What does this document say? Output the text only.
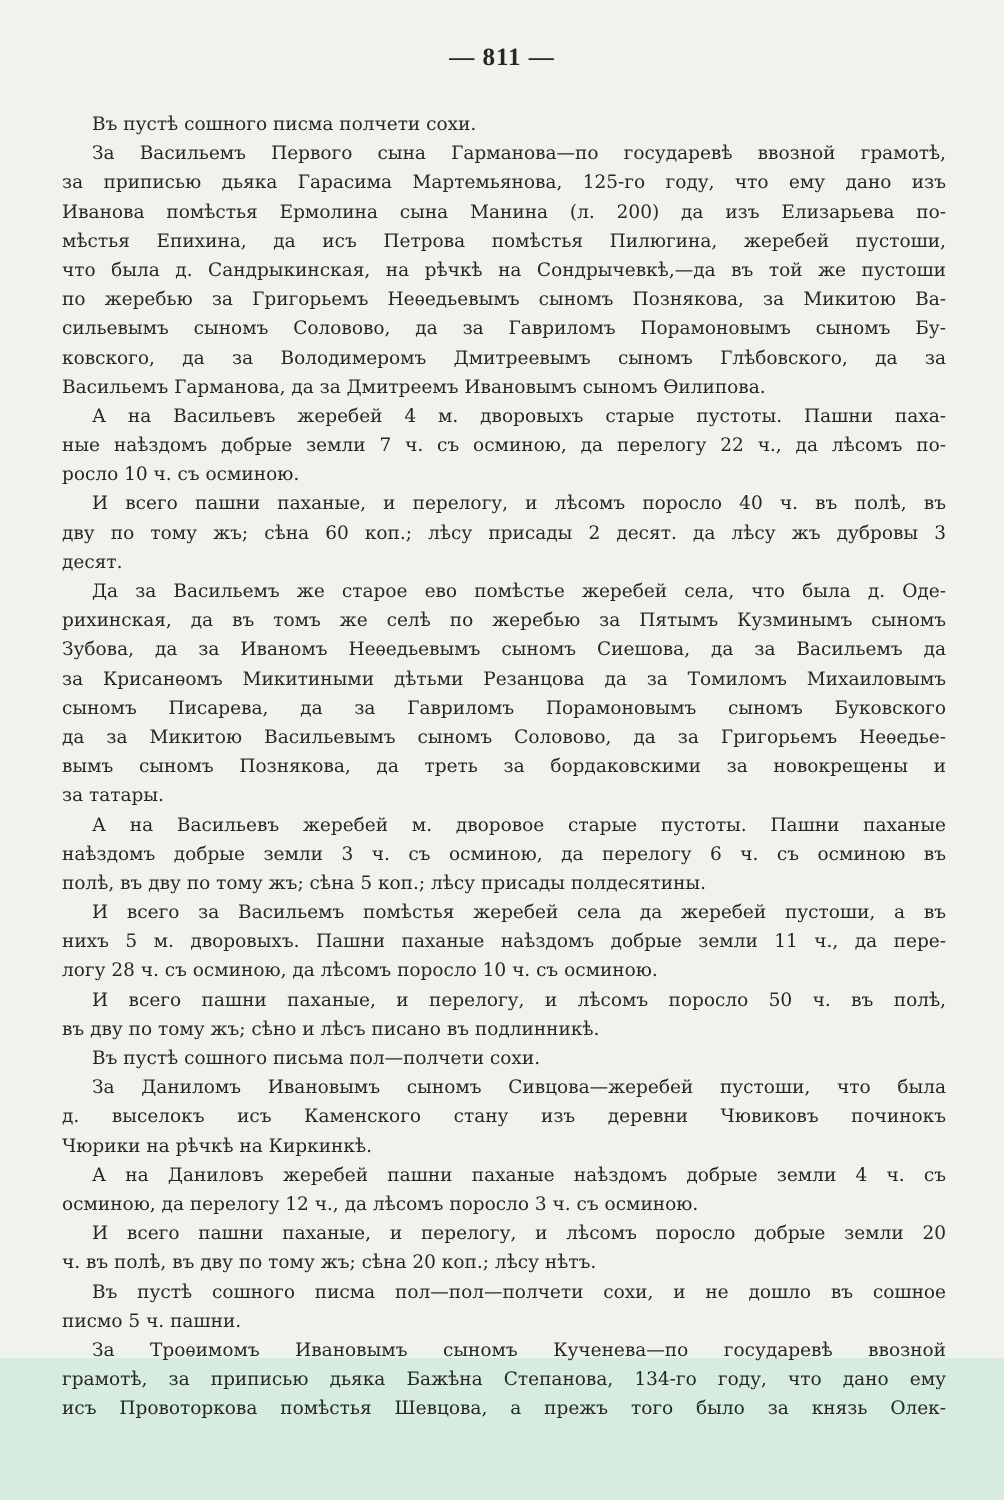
— 811 —
Въ пустѣ сошного писма полчети сохи.
За Васильемъ Первого сына Гарманова—по государевѣ ввозной грамотѣ,
за приписью дьяка Гарасима Мартемьянова, 125-го году, что ему дано изъ
Иванова помѣстья Ермолина сына Манина (л. 200) да изъ Елизарьева по-
мѣстья Епихина, да исъ Петрова помѣстья Пилюгина, жеребей пустоши,
что была д. Сандрыкинская, на рѣчкѣ на Сондрычевкѣ,—да въ той же пустоши
по жеребью за Григорьемъ Неѳедьевымъ сыномъ Познякова, за Микитою Ва-
сильевымъ сыномъ Соловово, да за Гавриломъ Порамоновымъ сыномъ Бу-
ковского, да за Володимеромъ Дмитреевымъ сыномъ Глѣбовского, да за
Васильемъ Гарманова, да за Дмитреемъ Ивановымъ сыномъ Ѳилипова.
А на Васильевъ жеребей 4 м. дворовыхъ старые пустоты. Пашни паха-
ные наѣздомъ добрые земли 7 ч. съ осминою, да перелогу 22 ч., да лѣсомъ по-
росло 10 ч. съ осминою.
И всего пашни паханые, и перелогу, и лѣсомъ поросло 40 ч. въ полѣ, въ
дву по тому жъ; сѣна 60 коп.; лѣсу присады 2 десят. да лѣсу жъ дубровы 3
десят.
Да за Васильемъ же старое ево помѣстье жеребей села, что была д. Оде-
рихинская, да въ томъ же селѣ по жеребью за Пятымъ Кузминымъ сыномъ
Зубова, да за Иваномъ Неѳедьевымъ сыномъ Сиешова, да за Васильемъ да
за Крисанѳомъ Микитиными дѣтьми Резанцова да за Томиломъ Михаиловымъ
сыномъ Писарева, да за Гавриломъ Порамоновымъ сыномъ Буковского
да за Микитою Васильевымъ сыномъ Соловово, да за Григорьемъ Неѳедье-
вымъ сыномъ Познякова, да треть за бордаковскими за новокрещены и
за татары.
А на Васильевъ жеребей м. дворовое старые пустоты. Пашни паханые
наѣздомъ добрые земли 3 ч. съ осминою, да перелогу 6 ч. съ осминою въ
полѣ, въ дву по тому жъ; сѣна 5 коп.; лѣсу присады полдесятины.
И всего за Васильемъ помѣстья жеребей села да жеребей пустоши, а въ
нихъ 5 м. дворовыхъ. Пашни паханые наѣздомъ добрые земли 11 ч., да пере-
логу 28 ч. съ осминою, да лѣсомъ поросло 10 ч. съ осминою.
И всего пашни паханые, и перелогу, и лѣсомъ поросло 50 ч. въ полѣ,
въ дву по тому жъ; сѣно и лѣсъ писано въ подлинникѣ.
Въ пустѣ сошного письма пол—полчети сохи.
За Даниломъ Ивановымъ сыномъ Сивцова—жеребей пустоши, что была
д. выселокъ исъ Каменского стану изъ деревни Чювиковъ починокъ
Чюрики на рѣчкѣ на Киркинкѣ.
А на Даниловъ жеребей пашни паханые наѣздомъ добрые земли 4 ч. съ
осминою, да перелогу 12 ч., да лѣсомъ поросло 3 ч. съ осминою.
И всего пашни паханые, и перелогу, и лѣсомъ поросло добрые земли 20
ч. въ полѣ, въ дву по тому жъ; сѣна 20 коп.; лѣсу нѣтъ.
Въ пустѣ сошного писма пол—пол—полчети сохи, и не дошло въ сошное
писмо 5 ч. пашни.
За Троѳимомъ Ивановымъ сыномъ Кученева—по государевѣ ввозной
грамотѣ, за приписью дьяка Бажѣна Степанова, 134-го году, что дано ему
исъ Провоторкова помѣстья Шевцова, а прежъ того было за князь Олек-
